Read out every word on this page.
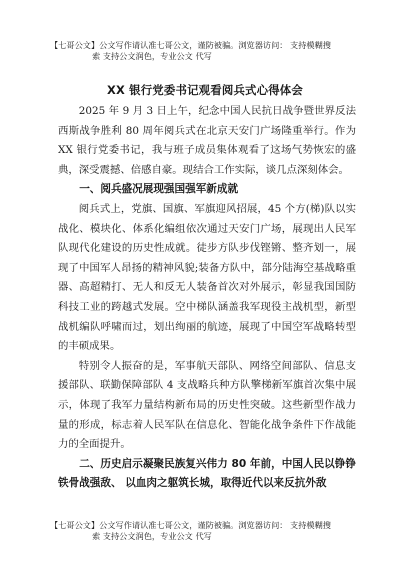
【七哥公文】公文写作请认准七哥公文，谨防被骗。浏览器访问： 支持模糊搜
索 支持公文润色，专业公文 代写
XX 银行党委书记观看阅兵式心得体会

2025 年 9 月 3 日上午，纪念中国人民抗日战争暨世界反法 西斯战争胜利 80 周年阅兵式在北京天安门广场隆重举行。作为XX 银行党委书记，我与班子成员集体观看了这场气势恢宏的盛 典，深受震撼、倍感自豪。现结合工作实际，谈几点深刻体会。

一、阅兵盛况展现强国强军新成就

阅兵式上，党旗、国旗、军旗迎风招展，45 个方(梯)队以实战化、模块化、体系化编组依次通过天安门广场，展现出人民军队现代化建设的历史性成就。徒步方队步伐铿锵、整齐划一，展现了中国军人昂扬的精神风貌;装备方队中，部分陆海空基战略重器、高超精打、无人和反无人装备首次对外展示，彰显我国国防科技工业的跨越式发展。空中梯队涵盖我军现役主战机型，新型战机编队呼啸而过，划出绚丽的航迹，展现了中国空军战略转型的丰硕成果。

特别令人振奋的是，军事航天部队、网络空间部队、信息支援部队、联勤保障部队 4 支战略兵种方队擎梯新军旗首次集中展示，体现了我军力量结构新布局的历史性突破。这些新型作战力量的形成，标志着人民军队在信息化、智能化战争条件下作战能力的全面提升。

二、历史启示凝聚民族复兴伟力 80 年前，中国人民以铮铮铁骨战强敌、 以血肉之躯筑长城，取得近代以来反抗外敌

【七哥公文】公文写作请认准七哥公文，谨防被骗。浏览器访问： 支持模糊搜
索 支持公文润色，专业公文 代写
